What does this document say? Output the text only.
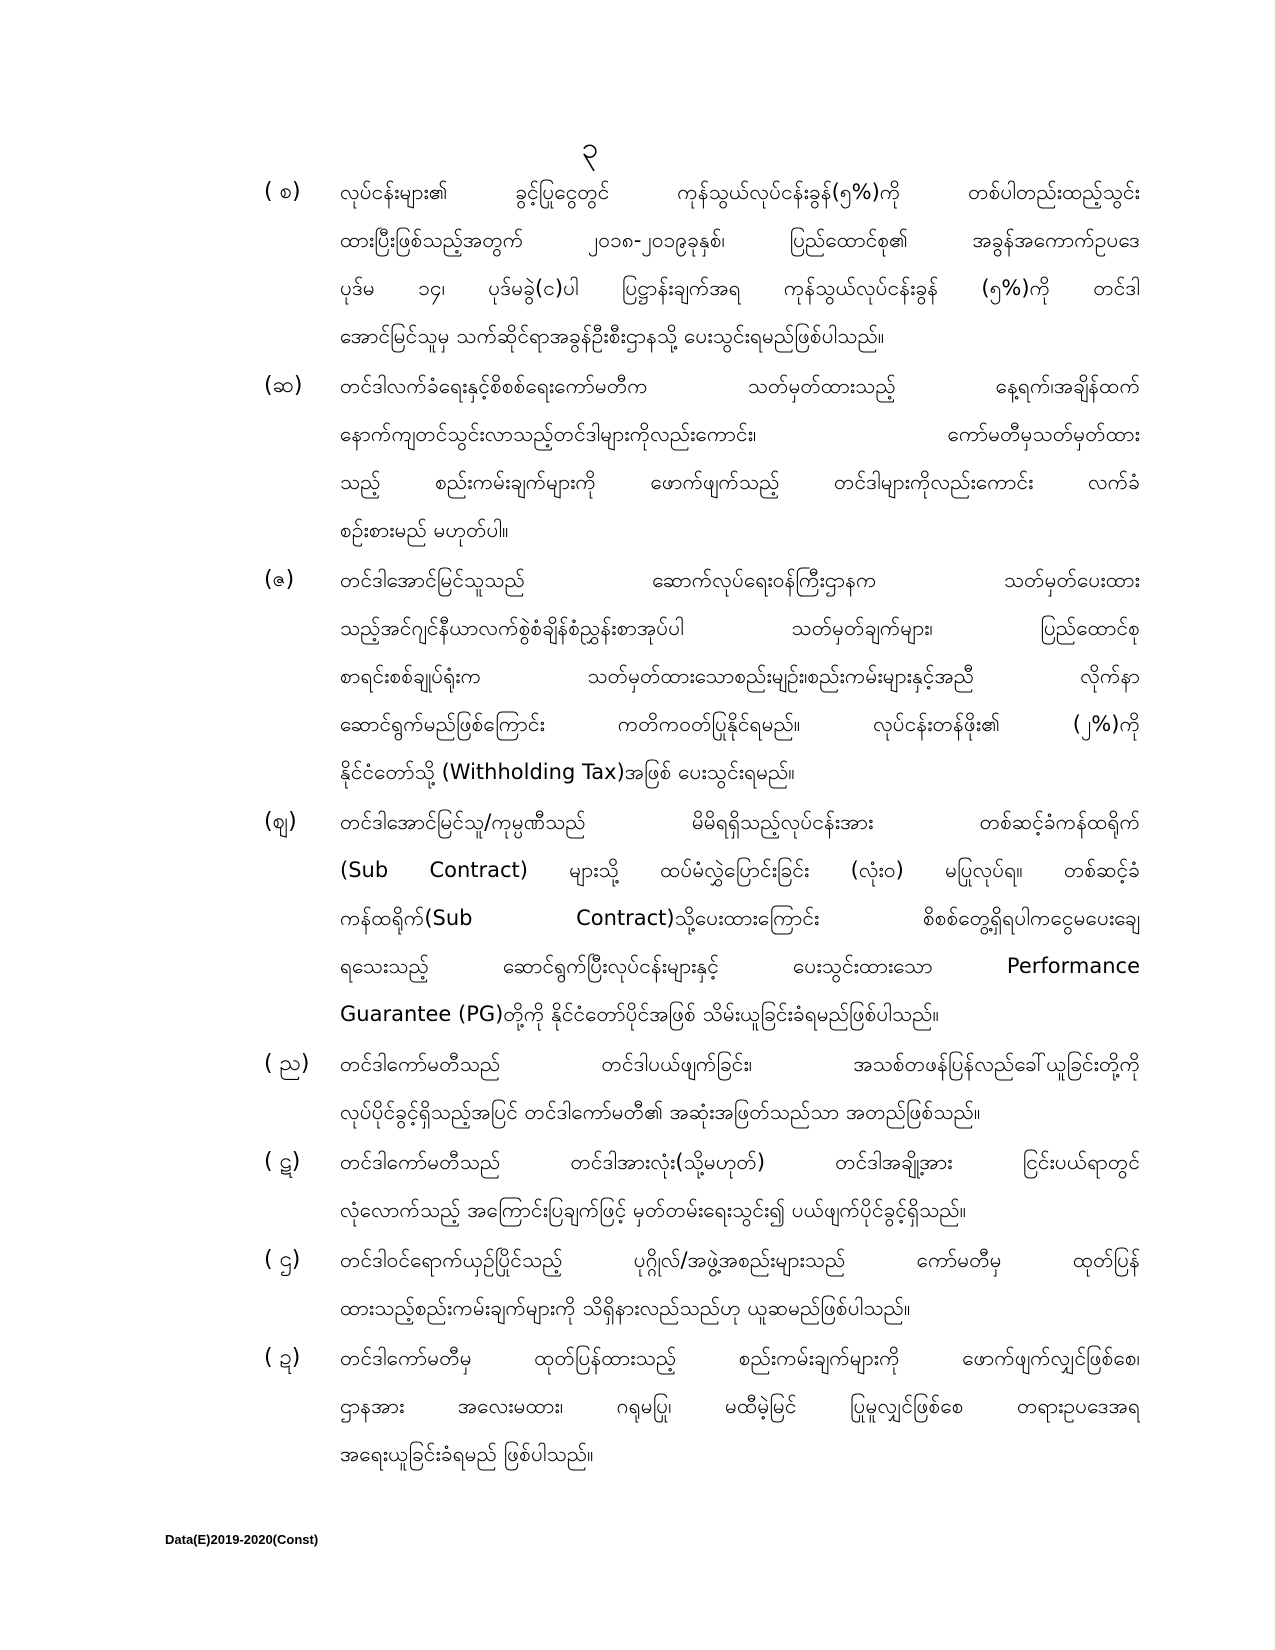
၃
( စ)	လုပ်ငန်းများ၏ ခွင့်ပြုငွေတွင် ကုန်သွယ်လုပ်ငန်းခွန်(၅%)ကို တစ်ပါတည်းထည့်သွင်း
ထားပြီးဖြစ်သည့်အတွက် ၂၀၁၈-၂၀၁၉ခုနှစ်၊ ပြည်ထောင်စု၏ အခွန်အကောက်ဥပဒေ
ပုဒ်မ ၁၄၊ ပုဒ်မခွဲ(င)ပါ ပြဋ္ဌာန်းချက်အရ ကုန်သွယ်လုပ်ငန်းခွန် (၅%)ကို တင်ဒါ
အောင်မြင်သူမှ သက်ဆိုင်ရာအခွန်ဦးစီးဌာနသို့ ပေးသွင်းရမည်ဖြစ်ပါသည်။
(ဆ)	တင်ဒါလက်ခံရေးနှင့်စိစစ်ရေးကော်မတီက သတ်မှတ်ထားသည့် နေ့ရက်၊အချိန်ထက်
နောက်ကျတင်သွင်းလာသည့်တင်ဒါများကိုလည်းကောင်း၊ ကော်မတီမှသတ်မှတ်ထား
သည့် စည်းကမ်းချက်များကို ဖောက်ဖျက်သည့် တင်ဒါများကိုလည်းကောင်း လက်ခံ
စဉ်းစားမည် မဟုတ်ပါ။
(ဇ)	တင်ဒါအောင်မြင်သူသည် ဆောက်လုပ်ရေးဝန်ကြီးဌာနက သတ်မှတ်ပေးထား
သည့်အင်ဂျင်နီယာလက်စွဲစံချိန်စံညွှန်းစာအုပ်ပါ သတ်မှတ်ချက်များ၊ ပြည်ထောင်စု
စာရင်းစစ်ချုပ်ရုံးက သတ်မှတ်ထားသောစည်းမျဉ်း၊စည်းကမ်းများနှင့်အညီ လိုက်နာ
ဆောင်ရွက်မည်ဖြစ်ကြောင်း ကတိကဝတ်ပြုနိုင်ရမည်။ လုပ်ငန်းတန်ဖိုး၏ (၂%)ကို
နိုင်ငံတော်သို့ (Withholding Tax)အဖြစ် ပေးသွင်းရမည်။
(ဈ)	တင်ဒါအောင်မြင်သူ/ကုမ္ပဏီသည် မိမိရရှိသည့်လုပ်ငန်းအား တစ်ဆင့်ခံကန်ထရိုက်
(Sub Contract) များသို့ ထပ်မံလွှဲပြောင်းခြင်း (လုံးဝ) မပြုလုပ်ရ။ တစ်ဆင့်ခံ
ကန်ထရိုက်(Sub Contract)သို့ပေးထားကြောင်း စိစစ်တွေ့ရှိရပါကငွေမပေးချေ
ရသေးသည့် ဆောင်ရွက်ပြီးလုပ်ငန်းများနှင့် ပေးသွင်းထားသော Performance
Guarantee (PG)တို့ကို နိုင်ငံတော်ပိုင်အဖြစ် သိမ်းယူခြင်းခံရမည်ဖြစ်ပါသည်။
( ည)	တင်ဒါကော်မတီသည် တင်ဒါပယ်ဖျက်ခြင်း၊ အသစ်တဖန်ပြန်လည်ခေါ်ယူခြင်းတို့ကို
လုပ်ပိုင်ခွင့်ရှိသည့်အပြင် တင်ဒါကော်မတီ၏ အဆုံးအဖြတ်သည်သာ အတည်ဖြစ်သည်။
( ဋ)	တင်ဒါကော်မတီသည် တင်ဒါအားလုံး(သို့မဟုတ်) တင်ဒါအချို့အား ငြင်းပယ်ရာတွင်
လုံလောက်သည့် အကြောင်းပြချက်ဖြင့် မှတ်တမ်းရေးသွင်း၍ ပယ်ဖျက်ပိုင်ခွင့်ရှိသည်။
( ဌ)	တင်ဒါဝင်ရောက်ယှဉ်ပြိုင်သည့် ပုဂ္ဂိုလ်/အဖွဲ့အစည်းများသည် ကော်မတီမှ ထုတ်ပြန်
ထားသည့်စည်းကမ်းချက်များကို သိရှိနားလည်သည်ဟု ယူဆမည်ဖြစ်ပါသည်။
( ဍ)	တင်ဒါကော်မတီမှ ထုတ်ပြန်ထားသည့် စည်းကမ်းချက်များကို ဖောက်ဖျက်လျှင်ဖြစ်စေ၊
ဌာနအား အလေးမထား၊ ဂရုမပြု၊ မထီမဲ့မြင် ပြုမူလျှင်ဖြစ်စေ တရားဥပဒေအရ
အရေးယူခြင်းခံရမည် ဖြစ်ပါသည်။
Data(E)2019-2020(Const)
